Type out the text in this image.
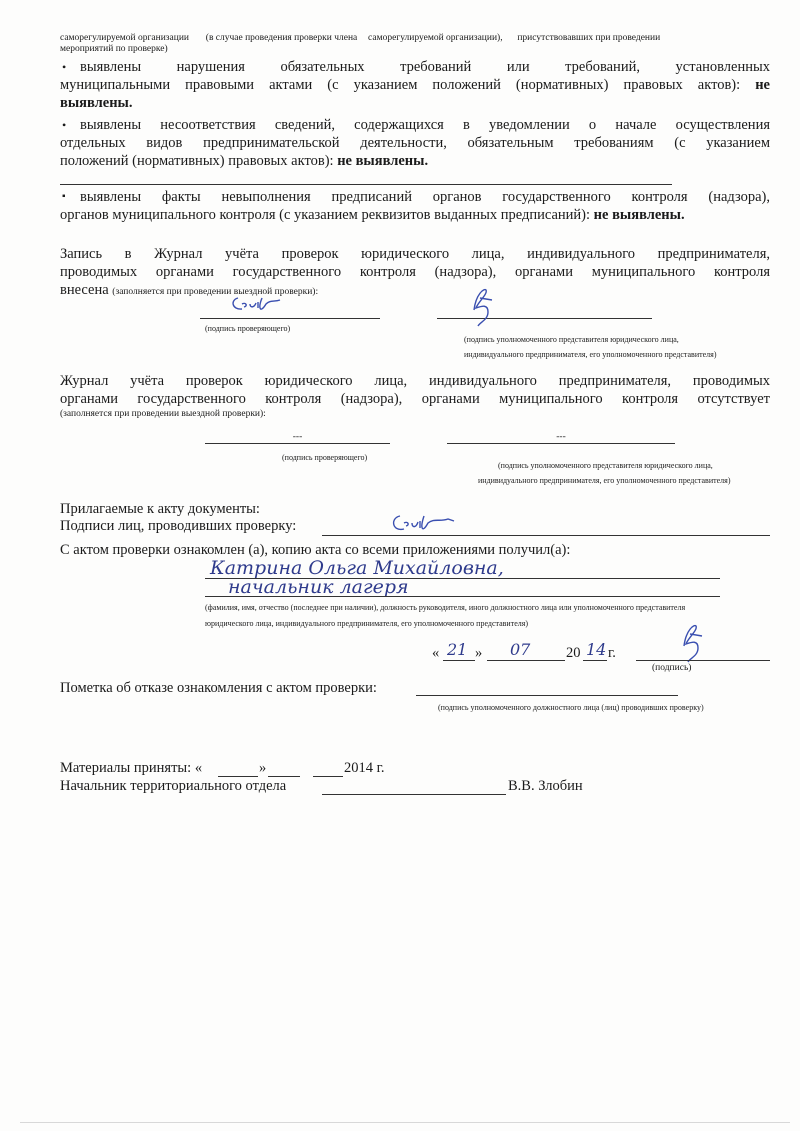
саморегулируемой организации (в случае проведения проверки члена саморегулируемой организации), присутствовавших при проведении
мероприятий по проверке)
• выявлены нарушения обязательных требований или требований, установленных
муниципальными правовыми актами (с указанием положений (нормативных) правовых актов): не
выявлены.
• выявлены несоответствия сведений, содержащихся в уведомлении о начале осуществления
отдельных видов предпринимательской деятельности, обязательным требованиям (с указанием
положений (нормативных) правовых актов): не выявлены.
▪ выявлены факты невыполнения предписаний органов государственного контроля (надзора),
органов муниципального контроля (с указанием реквизитов выданных предписаний): не выявлены.
Запись в Журнал учёта проверок юридического лица, индивидуального предпринимателя,
проводимых органами государственного контроля (надзора), органами муниципального контроля
внесена (заполняется при проведении выездной проверки):
(подпись проверяющего)
(подпись уполномоченного представителя юридического лица,
индивидуального предпринимателя, его уполномоченного представителя)
Журнал учёта проверок юридического лица, индивидуального предпринимателя, проводимых
органами государственного контроля (надзора), органами муниципального контроля отсутствует
(заполняется при проведении выездной проверки):
---
(подпись проверяющего)
---
(подпись уполномоченного представителя юридического лица,
индивидуального предпринимателя, его уполномоченного представителя)
Прилагаемые к акту документы:
Подписи лиц, проводивших проверку:
С актом проверки ознакомлен (а), копию акта со всеми приложениями получил(а):
Катрина Ольга Михайловна,
начальник лагеря
(фамилия, имя, отчество (последнее при наличии), должность руководителя, иного должностного лица или уполномоченного представителя
юридического лица, индивидуального предпринимателя, его уполномоченного представителя)
« 21 » 07 20 14 г.
(подпись)
Пометка об отказе ознакомления с актом проверки:
(подпись уполномоченного должностного лица (лиц) проводивших проверку)
Материалы приняты: «	»	2014 г.
Начальник территориального отдела	В.В. Злобин
